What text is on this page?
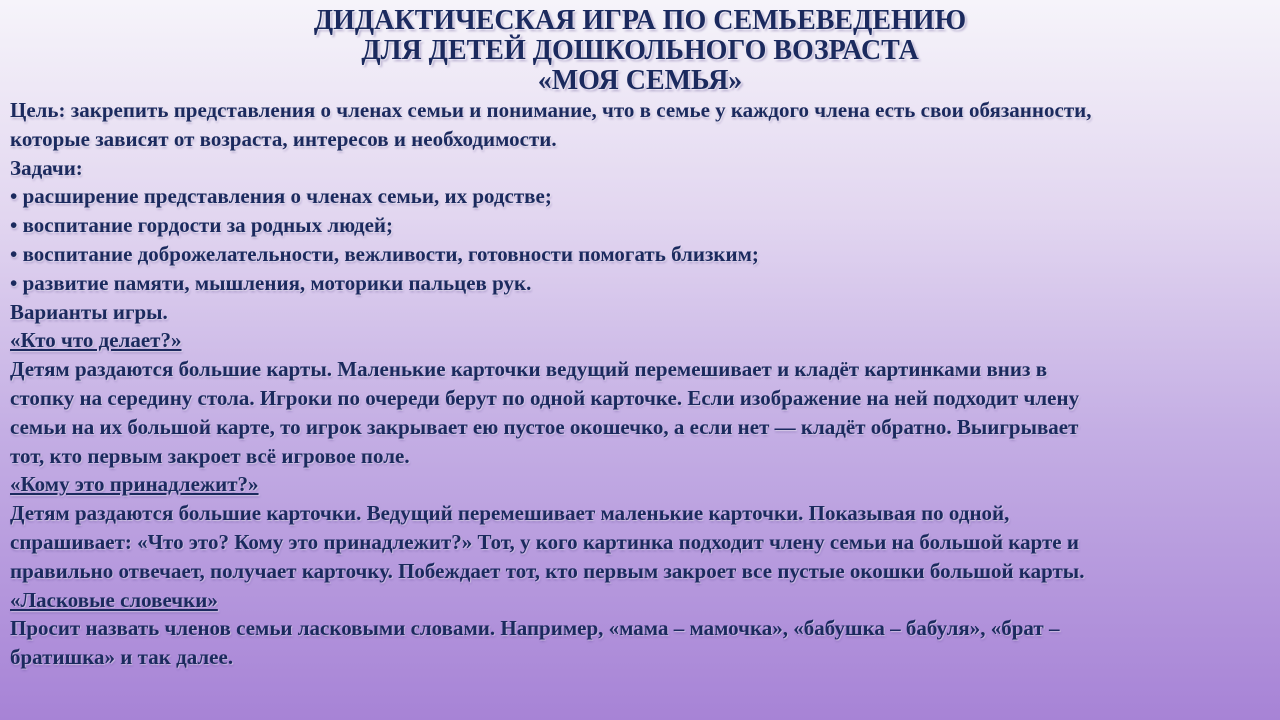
ДИДАКТИЧЕСКАЯ ИГРА ПО СЕМЬЕВЕДЕНИЮ
ДЛЯ ДЕТЕЙ ДОШКОЛЬНОГО ВОЗРАСТА
«МОЯ СЕМЬЯ»
Цель: закрепить представления о членах семьи и понимание, что в семье у каждого члена есть свои обязанности,
которые зависят от возраста, интересов и необходимости.
Задачи:
• расширение представления о членах семьи, их родстве;
• воспитание гордости за родных людей;
• воспитание доброжелательности, вежливости, готовности помогать близким;
• развитие памяти, мышления, моторики пальцев рук.
Варианты игры.
«Кто что делает?»
Детям раздаются большие карты. Маленькие карточки ведущий перемешивает и кладёт картинками вниз в
стопку на середину стола. Игроки по очереди берут по одной карточке. Если изображение на ней подходит члену
семьи на их большой карте, то игрок закрывает ею пустое окошечко, а если нет — кладёт обратно. Выигрывает
тот, кто первым закроет всё игровое поле.
«Кому это принадлежит?»
Детям раздаются большие карточки. Ведущий перемешивает маленькие карточки. Показывая по одной,
спрашивает: «Что это? Кому это принадлежит?» Тот, у кого картинка подходит члену семьи на большой карте и
правильно отвечает, получает карточку. Побеждает тот, кто первым закроет все пустые окошки большой карты.
«Ласковые словечки»
Просит назвать членов семьи ласковыми словами. Например, «мама – мамочка», «бабушка – бабуля», «брат –
братишка» и так далее.
